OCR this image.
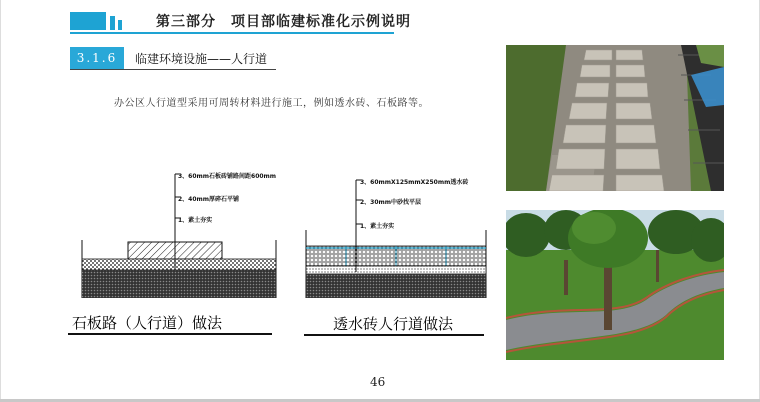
第三部分　项目部临建标准化示例说明
3.1.6	临建环境设施——人行道
办公区人行道型采用可周转材料进行施工，例如透水砖、石板路等。
3、60mm石板砖铺路间距600mm
2、40mm厚碎石平铺
1、素土夯实
石板路（人行道）做法
3、60mmX125mmX250mm透水砖
2、30mm中砂找平层
1、素土夯实
透水砖人行道做法
46
